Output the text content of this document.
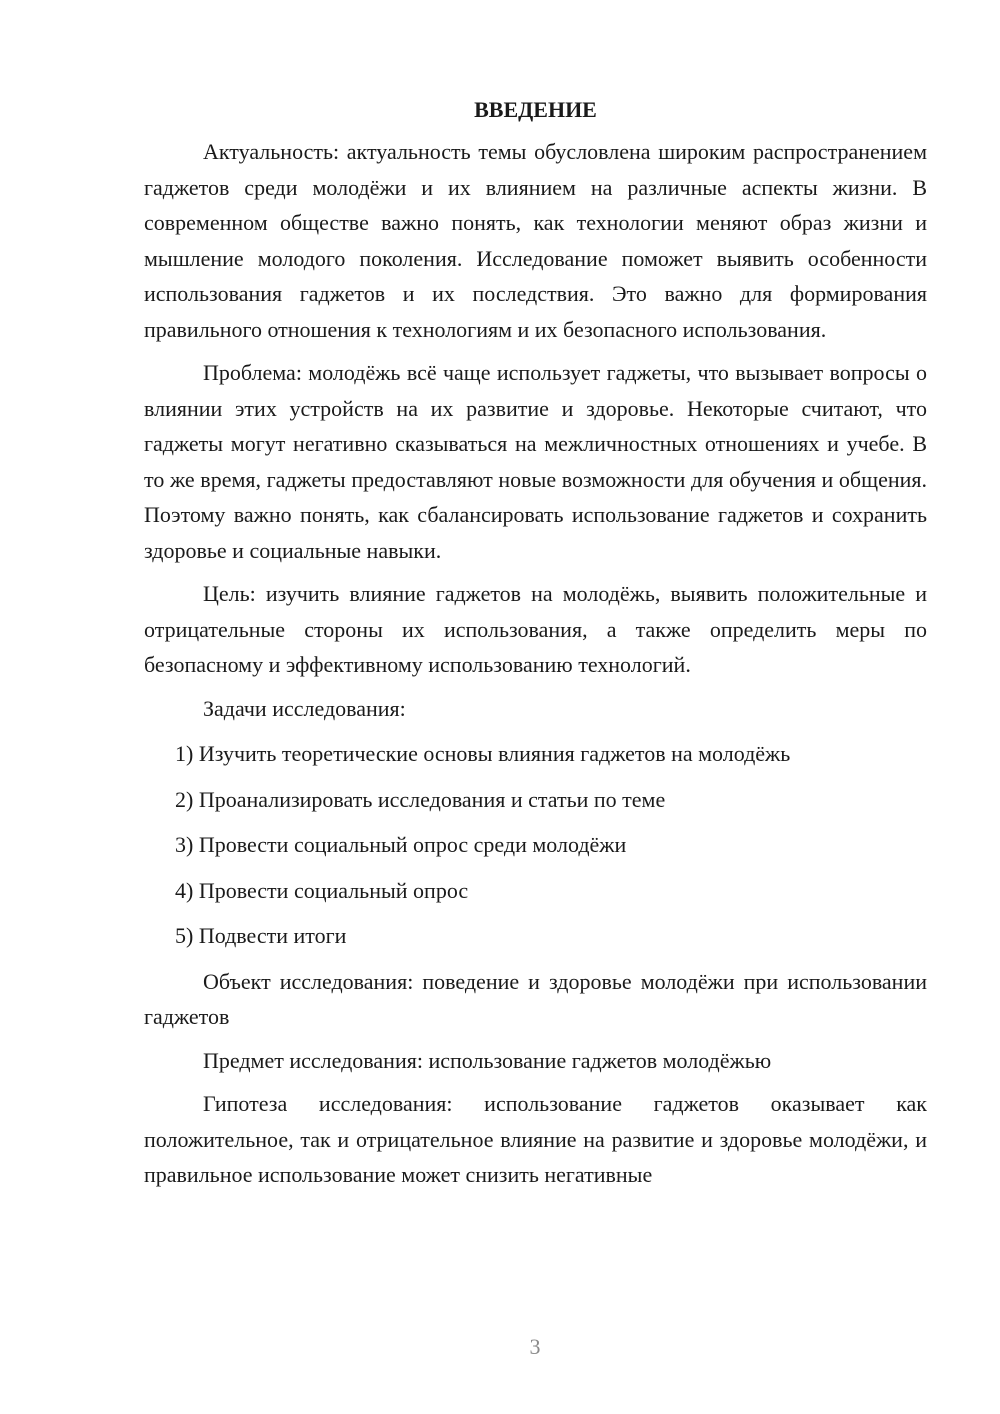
ВВЕДЕНИЕ

Актуальность: актуальность темы обусловлена широким распространением гаджетов среди молодёжи и их влиянием на различные аспекты жизни. В современном обществе важно понять, как технологии меняют образ жизни и мышление молодого поколения. Исследование поможет выявить особенности использования гаджетов и их последствия. Это важно для формирования правильного отношения к технологиям и их безопасного использования.

Проблема: молодёжь всё чаще использует гаджеты, что вызывает вопросы о влиянии этих устройств на их развитие и здоровье. Некоторые считают, что гаджеты могут негативно сказываться на межличностных отношениях и учебе. В то же время, гаджеты предоставляют новые возможности для обучения и общения. Поэтому важно понять, как сбалансировать использование гаджетов и сохранить здоровье и социальные навыки.

Цель: изучить влияние гаджетов на молодёжь, выявить положительные и отрицательные стороны их использования, а также определить меры по безопасному и эффективному использованию технологий.

Задачи исследования:

1) Изучить теоретические основы влияния гаджетов на молодёжь
2) Проанализировать исследования и статьи по теме
3) Провести социальный опрос среди молодёжи
4) Провести социальный опрос
5) Подвести итоги

Объект исследования: поведение и здоровье молодёжи при использовании гаджетов

Предмет исследования: использование гаджетов молодёжью

Гипотеза исследования: использование гаджетов оказывает как положительное, так и отрицательное влияние на развитие и здоровье молодёжи, и правильное использование может снизить негативные

3
